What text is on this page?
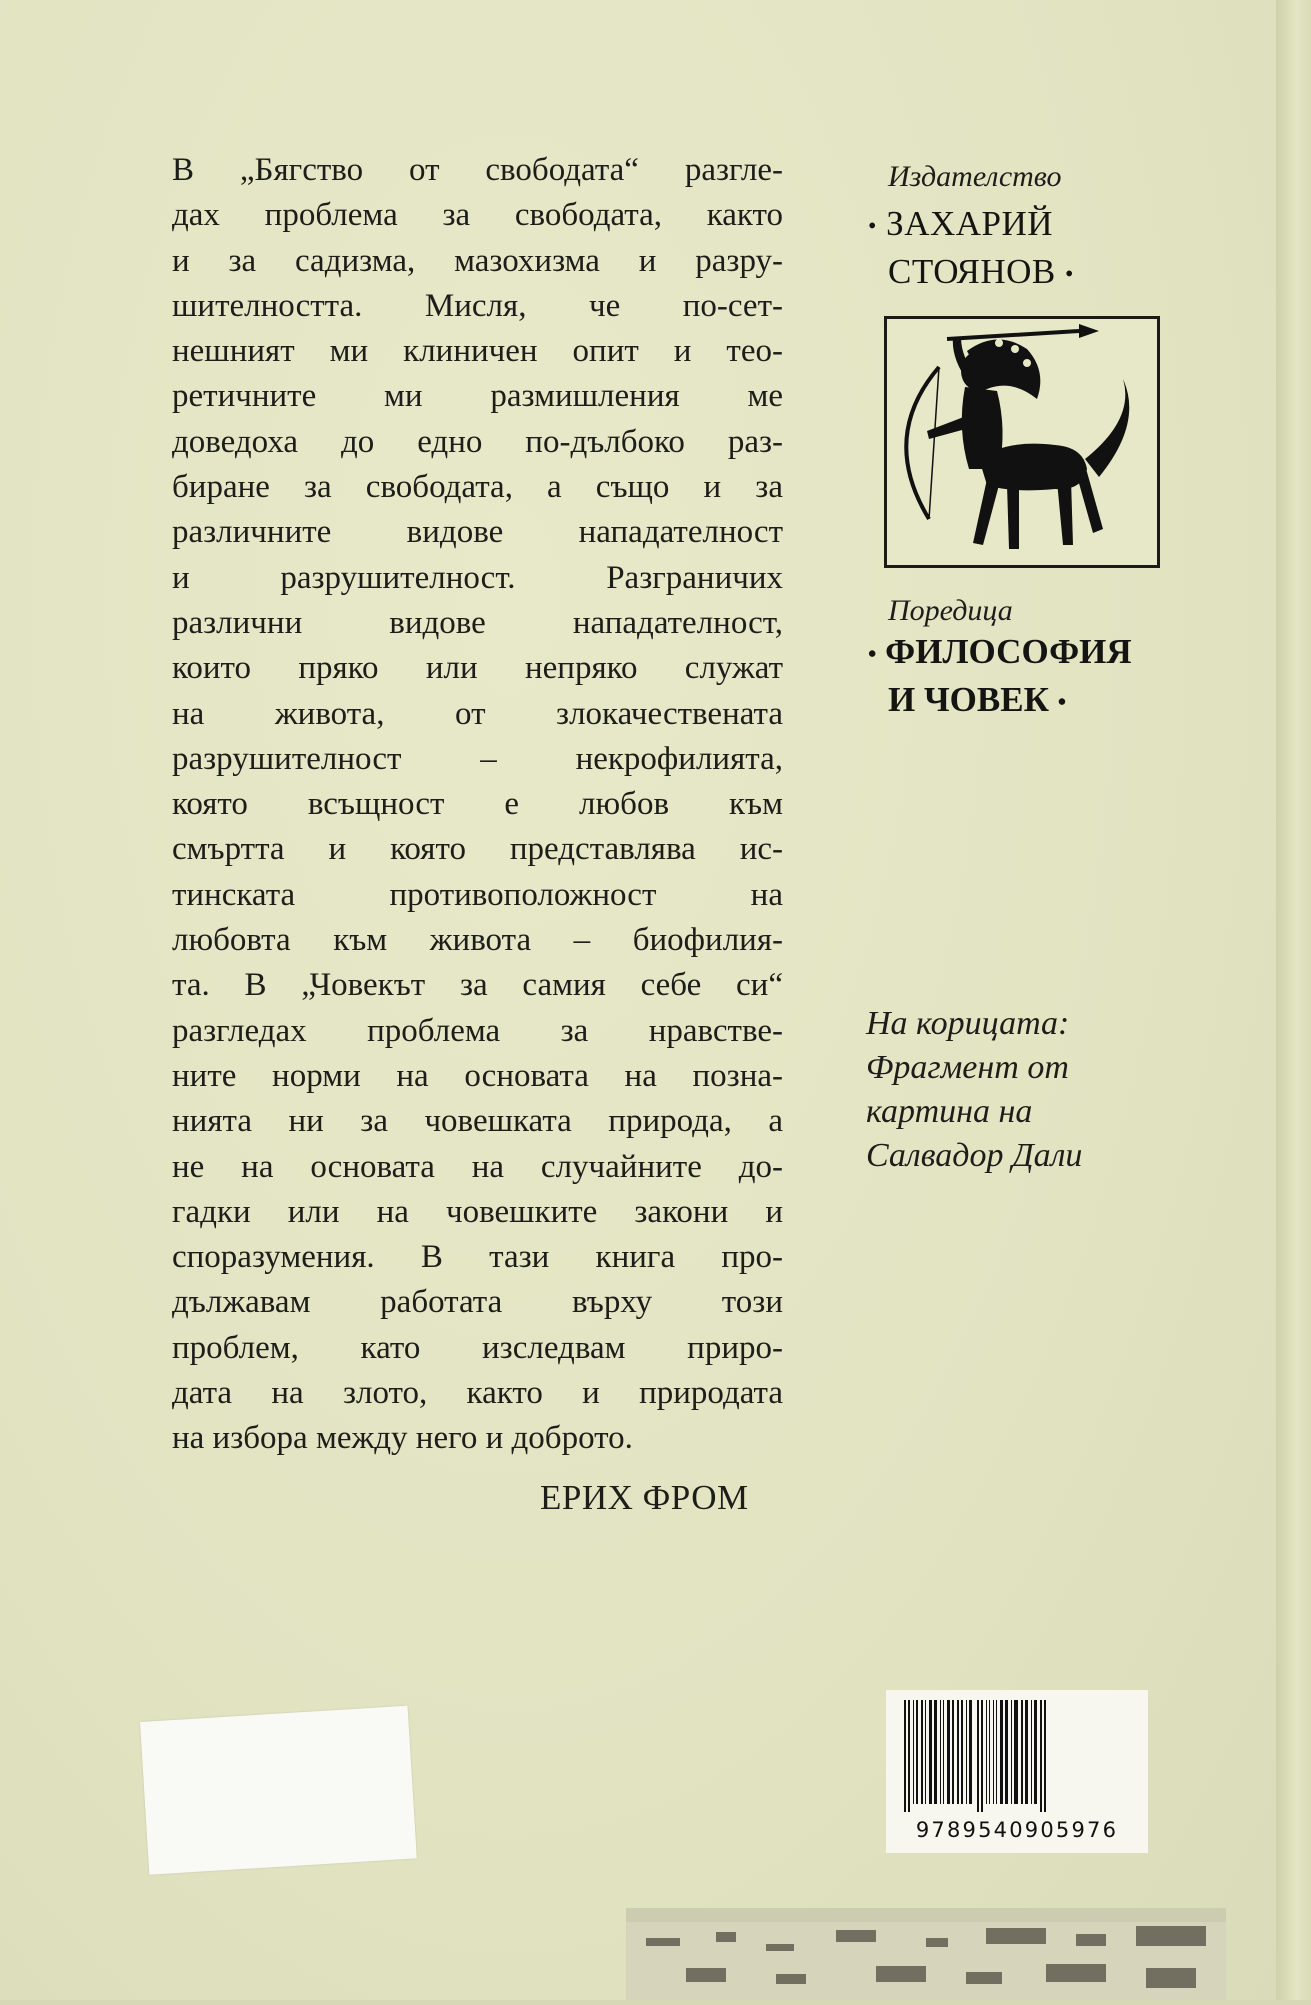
В „Бягство от свободата“ разгле-
дах проблема за свободата, както
и за садизма, мазохизма и разру-
шителността. Мисля, че по-сет-
нешният ми клиничен опит и тео-
ретичните ми размишления ме
доведоха до едно по-дълбоко раз-
биране за свободата, а също и за
различните видове нападателност
и разрушителност. Разграничих
различни видове нападателност,
които пряко или непряко служат
на живота, от злокачествената
разрушителност – некрофилията,
която всъщност е любов към
смъртта и която представлява ис-
тинската противоположност на
любовта към живота – биофилия-
та. В „Човекът за самия себе си“
разгледах проблема за нравстве-
ните норми на основата на позна-
нията ни за човешката природа, а
не на основата на случайните до-
гадки или на човешките закони и
споразумения. В тази книга про-
дължавам работата върху този
проблем, като изследвам приро-
дата на злото, както и природата
на избора между него и доброто.
ЕРИХ ФРОМ
Издателство
• ЗАХАРИЙ
СТОЯНОВ •
Поредица
• ФИЛОСОФИЯ
И ЧОВЕК •
На корицата:
Фрагмент от
картина на
Салвадор Дали
9789540905976
